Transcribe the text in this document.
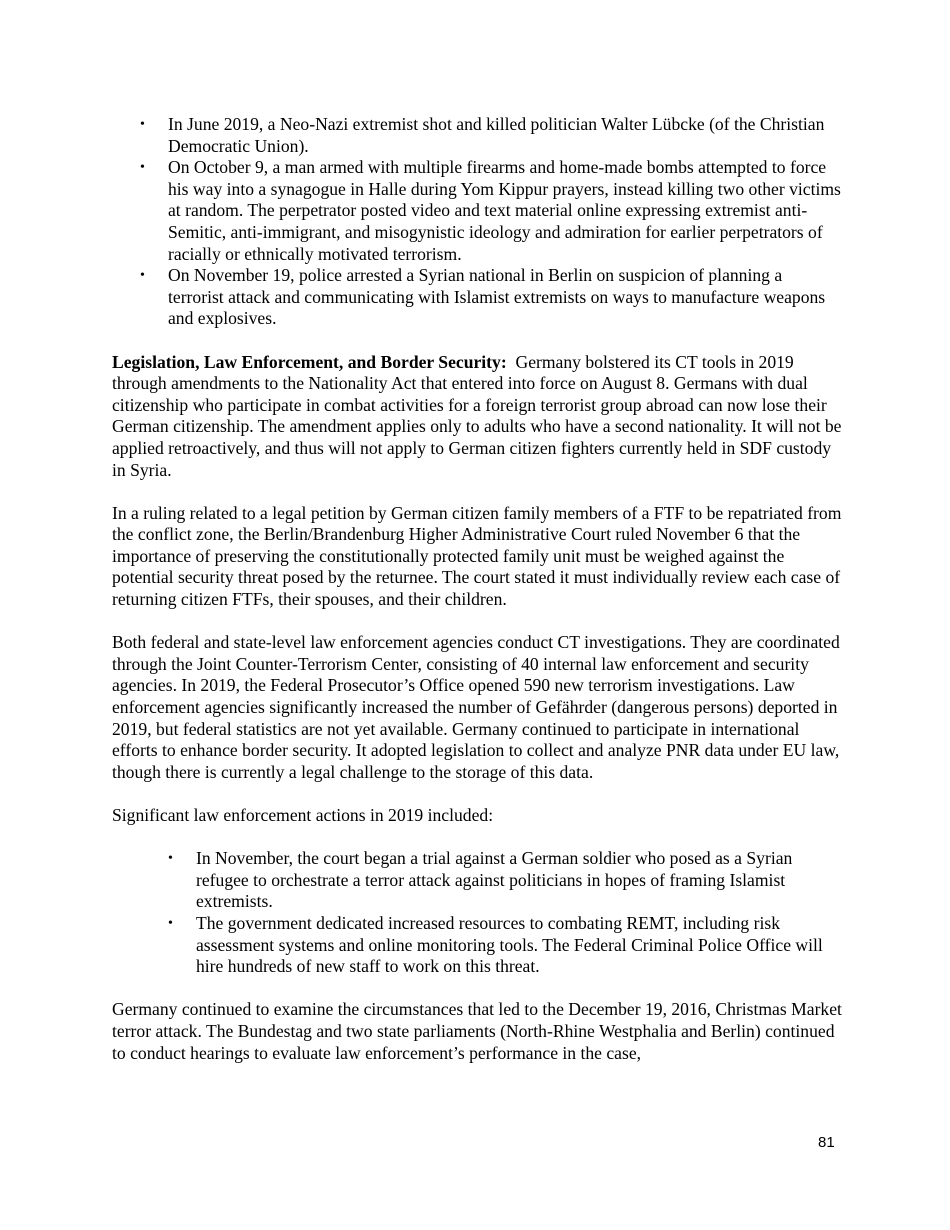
• In June 2019, a Neo-Nazi extremist shot and killed politician Walter Lübcke (of the Christian Democratic Union).
• On October 9, a man armed with multiple firearms and home-made bombs attempted to force his way into a synagogue in Halle during Yom Kippur prayers, instead killing two other victims at random. The perpetrator posted video and text material online expressing extremist anti-Semitic, anti-immigrant, and misogynistic ideology and admiration for earlier perpetrators of racially or ethnically motivated terrorism.
• On November 19, police arrested a Syrian national in Berlin on suspicion of planning a terrorist attack and communicating with Islamist extremists on ways to manufacture weapons and explosives.

Legislation, Law Enforcement, and Border Security: Germany bolstered its CT tools in 2019 through amendments to the Nationality Act that entered into force on August 8. Germans with dual citizenship who participate in combat activities for a foreign terrorist group abroad can now lose their German citizenship. The amendment applies only to adults who have a second nationality. It will not be applied retroactively, and thus will not apply to German citizen fighters currently held in SDF custody in Syria.

In a ruling related to a legal petition by German citizen family members of a FTF to be repatriated from the conflict zone, the Berlin/Brandenburg Higher Administrative Court ruled November 6 that the importance of preserving the constitutionally protected family unit must be weighed against the potential security threat posed by the returnee. The court stated it must individually review each case of returning citizen FTFs, their spouses, and their children.

Both federal and state-level law enforcement agencies conduct CT investigations. They are coordinated through the Joint Counter-Terrorism Center, consisting of 40 internal law enforcement and security agencies. In 2019, the Federal Prosecutor’s Office opened 590 new terrorism investigations. Law enforcement agencies significantly increased the number of Gefährder (dangerous persons) deported in 2019, but federal statistics are not yet available. Germany continued to participate in international efforts to enhance border security. It adopted legislation to collect and analyze PNR data under EU law, though there is currently a legal challenge to the storage of this data.

Significant law enforcement actions in 2019 included:

• In November, the court began a trial against a German soldier who posed as a Syrian refugee to orchestrate a terror attack against politicians in hopes of framing Islamist extremists.
• The government dedicated increased resources to combating REMT, including risk assessment systems and online monitoring tools. The Federal Criminal Police Office will hire hundreds of new staff to work on this threat.

Germany continued to examine the circumstances that led to the December 19, 2016, Christmas Market terror attack. The Bundestag and two state parliaments (North-Rhine Westphalia and Berlin) continued to conduct hearings to evaluate law enforcement’s performance in the case,

81
